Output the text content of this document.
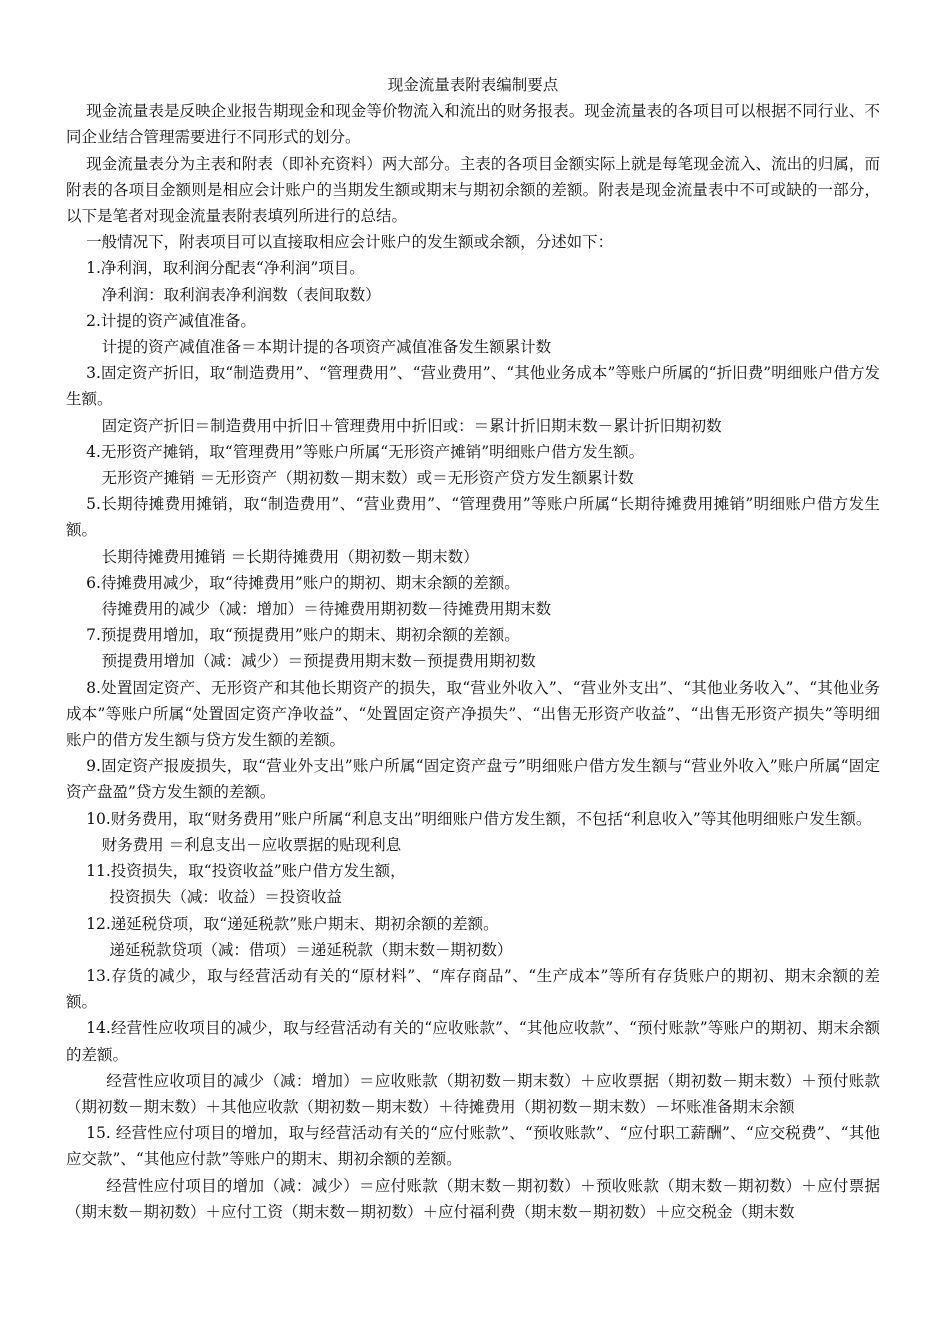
现金流量表附表编制要点

现金流量表是反映企业报告期现金和现金等价物流入和流出的财务报表。现金流量表的各项目可以根据不同行业、不同企业结合管理需要进行不同形式的划分。

现金流量表分为主表和附表（即补充资料）两大部分。主表的各项目金额实际上就是每笔现金流入、流出的归属，而附表的各项目金额则是相应会计账户的当期发生额或期末与期初余额的差额。附表是现金流量表中不可或缺的一部分，以下是笔者对现金流量表附表填列所进行的总结。

一般情况下，附表项目可以直接取相应会计账户的发生额或余额，分述如下：

1.净利润，取利润分配表“净利润”项目。

净利润：取利润表净利润数（表间取数）

2.计提的资产减值准备。

计提的资产减值准备＝本期计提的各项资产减值准备发生额累计数

3.固定资产折旧，取“制造费用”、“管理费用”、“营业费用”、“其他业务成本”等账户所属的“折旧费”明细账户借方发生额。

固定资产折旧＝制造费用中折旧＋管理费用中折旧或：＝累计折旧期末数－累计折旧期初数

4.无形资产摊销，取“管理费用”等账户所属“无形资产摊销”明细账户借方发生额。

无形资产摊销 ＝无形资产（期初数－期末数）或＝无形资产贷方发生额累计数

5.长期待摊费用摊销，取“制造费用”、“营业费用”、“管理费用”等账户所属“长期待摊费用摊销”明细账户借方发生额。

长期待摊费用摊销 ＝长期待摊费用（期初数－期末数）

6.待摊费用减少，取“待摊费用”账户的期初、期末余额的差额。

待摊费用的减少（减：增加）＝待摊费用期初数－待摊费用期末数

7.预提费用增加，取“预提费用”账户的期末、期初余额的差额。

预提费用增加（减：减少）＝预提费用期末数－预提费用期初数

8.处置固定资产、无形资产和其他长期资产的损失，取“营业外收入”、“营业外支出”、“其他业务收入”、“其他业务成本”等账户所属“处置固定资产净收益”、“处置固定资产净损失”、“出售无形资产收益”、“出售无形资产损失”等明细账户的借方发生额与贷方发生额的差额。

9.固定资产报废损失，取“营业外支出”账户所属“固定资产盘亏”明细账户借方发生额与“营业外收入”账户所属“固定资产盘盈”贷方发生额的差额。

10.财务费用，取“财务费用”账户所属“利息支出”明细账户借方发生额，不包括“利息收入”等其他明细账户发生额。

财务费用 ＝利息支出－应收票据的贴现利息

11.投资损失，取“投资收益”账户借方发生额，

投资损失（减：收益）＝投资收益

12.递延税贷项，取“递延税款”账户期末、期初余额的差额。

递延税款贷项（减：借项）＝递延税款（期末数－期初数）

13.存货的减少，取与经营活动有关的“原材料”、“库存商品”、“生产成本”等所有存货账户的期初、期末余额的差额。

14.经营性应收项目的减少，取与经营活动有关的“应收账款”、“其他应收款”、“预付账款”等账户的期初、期末余额的差额。

经营性应收项目的减少（减：增加）＝应收账款（期初数－期末数）＋应收票据（期初数－期末数）＋预付账款（期初数－期末数）＋其他应收款（期初数－期末数）＋待摊费用（期初数－期末数）－坏账准备期末余额

15. 经营性应付项目的增加，取与经营活动有关的“应付账款”、“预收账款”、“应付职工薪酬”、“应交税费”、“其他应交款”、“其他应付款”等账户的期末、期初余额的差额。

经营性应付项目的增加（减：减少）＝应付账款（期末数－期初数）＋预收账款（期末数－期初数）＋应付票据（期末数－期初数）＋应付工资（期末数－期初数）＋应付福利费（期末数－期初数）＋应交税金（期末数
